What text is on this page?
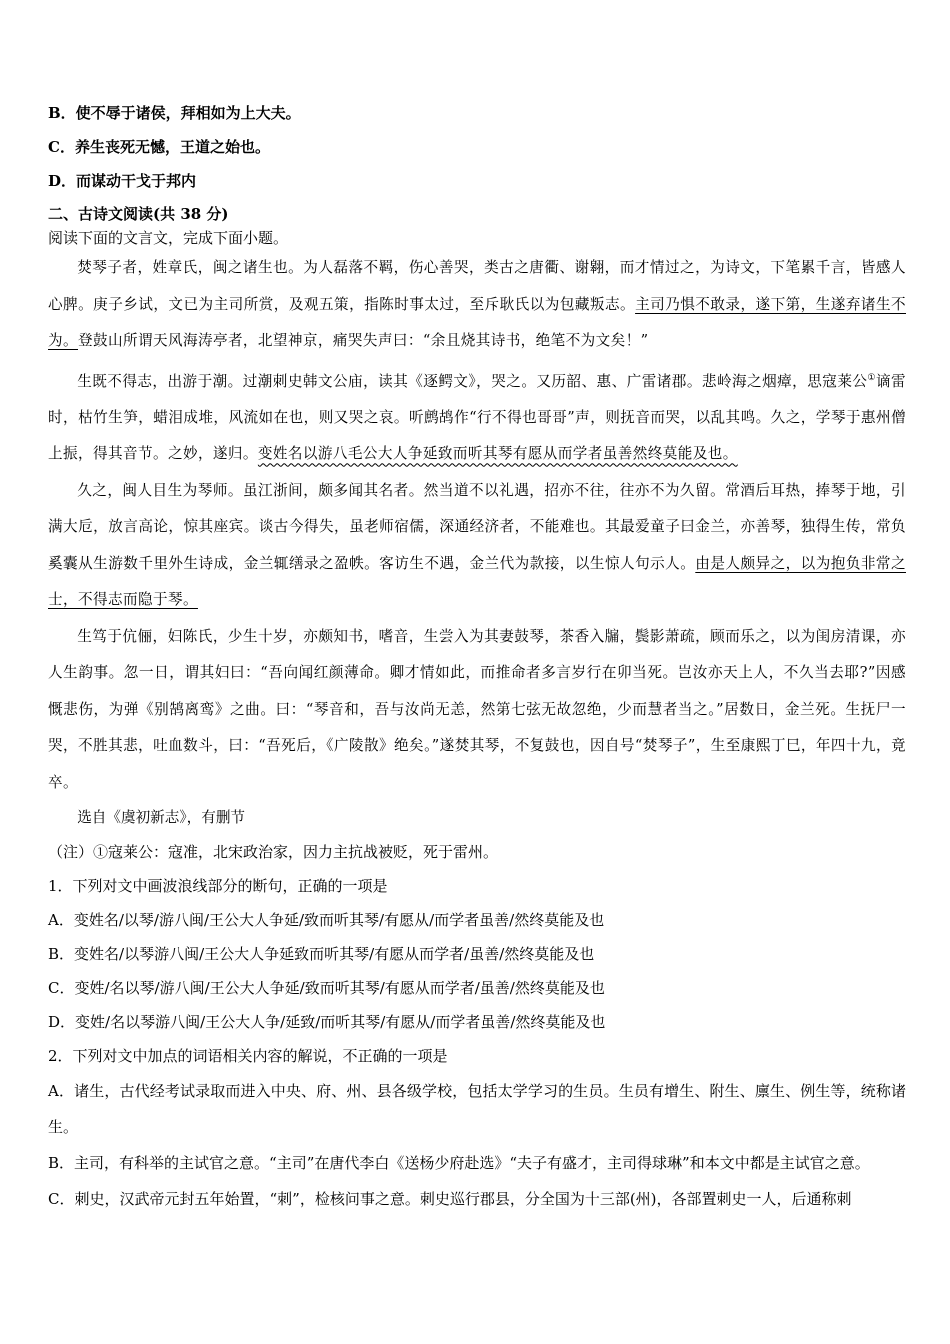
B．使不辱于诸侯，拜相如为上大夫。
C．养生丧死无憾，王道之始也。
D．而谋动干戈于邦内
二、古诗文阅读(共 38 分)
阅读下面的文言文，完成下面小题。

焚琴子者，姓章氏，闽之诸生也。为人磊落不羁，伤心善哭，类古之唐衢、谢翱，而才情过之，为诗文，下笔累千言，皆感人心脾。庚子乡试，文已为主司所赏，及观五策，指陈时事太过，至斥耿氏以为包藏叛志。主司乃惧不敢录，遂下第，生遂弃诸生不为。登鼓山所谓天风海涛亭者，北望神京，痛哭失声曰：“余且烧其诗书，绝笔不为文矣！”

生既不得志，出游于潮。过潮刺史韩文公庙，读其《逐鳄文》，哭之。又历韶、惠、广雷诸郡。悲岭海之烟瘴，思寇莱公①谪雷时，枯竹生笋，蜡泪成堆，风流如在也，则又哭之哀。听鹧鸪作“行不得也哥哥”声，则抚音而哭，以乱其鸣。久之，学琴于惠州僧上振，得其音节。之妙，遂归。变姓名以游八毛公大人争延致而听其琴有愿从而学者虽善然终莫能及也。

久之，闽人目生为琴师。虽江浙间，颇多闻其名者。然当道不以礼遇，招亦不往，往亦不为久留。常酒后耳热，捧琴于地，引满大卮，放言高论，惊其座宾。谈古今得失，虽老师宿儒，深通经济者，不能难也。其最爱童子曰金兰，亦善琴，独得生传，常负奚囊从生游数千里外生诗成，金兰辄缮录之盈帙。客访生不遇，金兰代为款接，以生惊人句示人。由是人颇异之，以为抱负非常之士，不得志而隐于琴。

生笃于伉俪，妇陈氏，少生十岁，亦颇知书，嗜音，生尝入为其妻鼓琴，茶香入牖，鬓影萧疏，顾而乐之，以为闺房清课，亦人生韵事。忽一日，谓其妇曰：“吾向闻红颜薄命。卿才情如此，而推命者多言岁行在卯当死。岂汝亦天上人，不久当去耶?”因感慨悲伤，为弹《别鹄离鸾》之曲。曰：“琴音和，吾与汝尚无恙，然第七弦无故忽绝，少而慧者当之。”居数日，金兰死。生抚尸一哭，不胜其悲，吐血数斗，曰：“吾死后，《广陵散》绝矣。”遂焚其琴，不复鼓也，因自号“焚琴子”，生至康熙丁巳，年四十九，竟卒。

选自《虞初新志》，有删节
（注）①寇莱公：寇准，北宋政治家，因力主抗战被贬，死于雷州。
1．下列对文中画波浪线部分的断句，正确的一项是
A．变姓名/以琴/游八闽/王公大人争延/致而听其琴/有愿从/而学者虽善/然终莫能及也
B．变姓名/以琴游八闽/王公大人争延致而听其琴/有愿从而学者/虽善/然终莫能及也
C．变姓/名以琴/游八闽/王公大人争延/致而听其琴/有愿从而学者/虽善/然终莫能及也
D．变姓/名以琴游八闽/王公大人争/延致/而听其琴/有愿从/而学者虽善/然终莫能及也
2．下列对文中加点的词语相关内容的解说，不正确的一项是
A．诸生，古代经考试录取而进入中央、府、州、县各级学校，包括太学学习的生员。生员有增生、附生、廪生、例生等，统称诸生。
B．主司，有科举的主试官之意。“主司”在唐代李白《送杨少府赴选》“夫子有盛才，主司得球琳”和本文中都是主试官之意。
C．刺史，汉武帝元封五年始置，“刺”，检核问事之意。刺史巡行郡县，分全国为十三部(州)，各部置刺史一人，后通称刺
